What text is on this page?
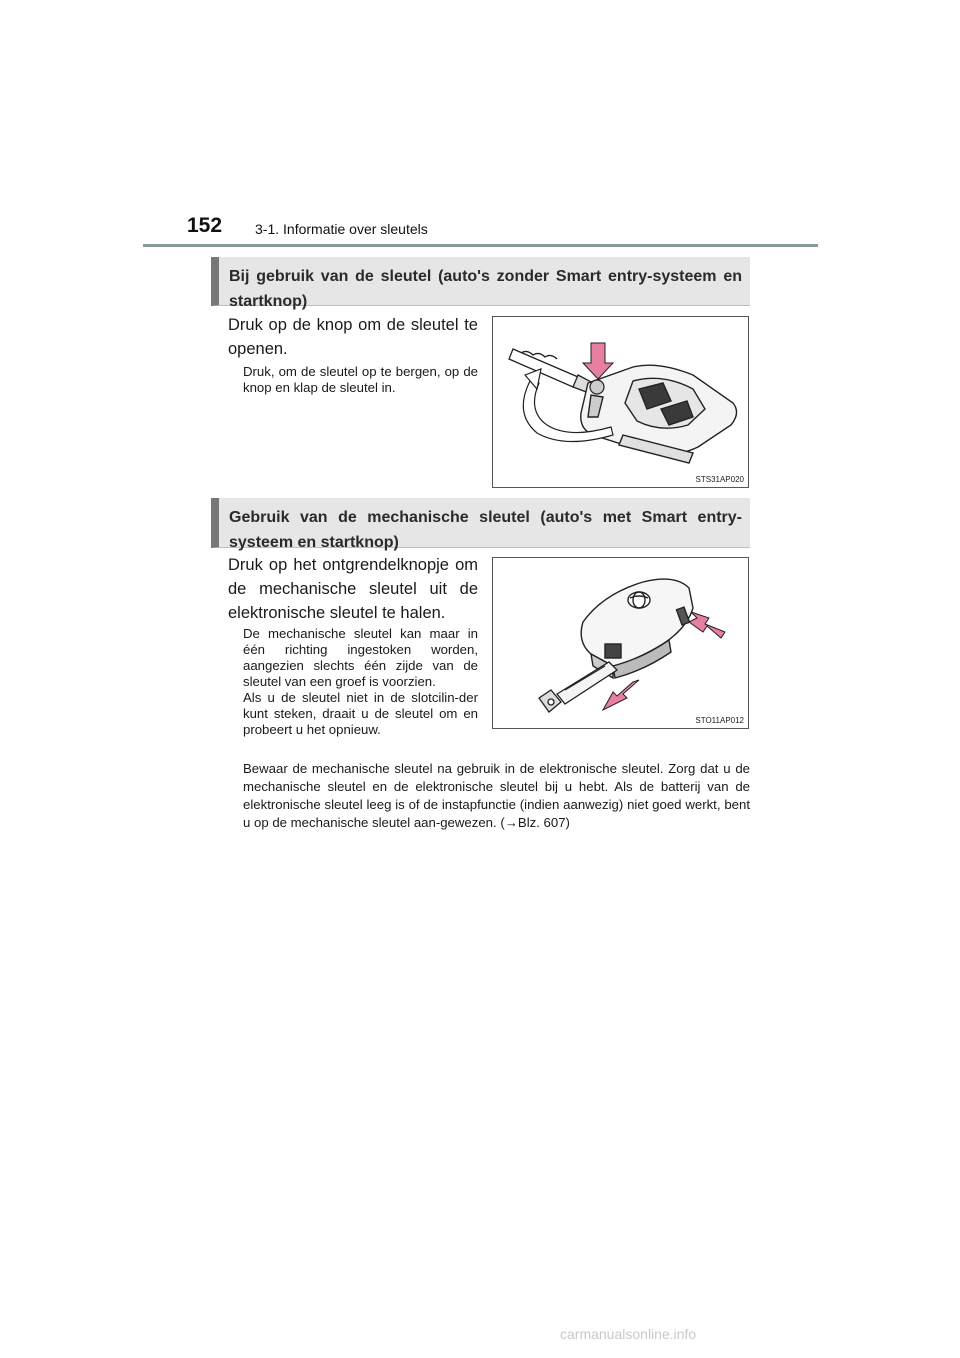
152 3-1. Informatie over sleutels
Bij gebruik van de sleutel (auto's zonder Smart entry-systeem en startknop)
Druk op de knop om de sleutel te openen.
Druk, om de sleutel op te bergen, op de knop en klap de sleutel in.
STS31AP020
Gebruik van de mechanische sleutel (auto's met Smart entry-systeem en startknop)
Druk op het ontgrendelknopje om de mechanische sleutel uit de elektronische sleutel te halen.
De mechanische sleutel kan maar in één richting ingestoken worden, aangezien slechts één zijde van de sleutel van een groef is voorzien.
Als u de sleutel niet in de slotcilin-der kunt steken, draait u de sleutel om en probeert u het opnieuw.
STO11AP012
Bewaar de mechanische sleutel na gebruik in de elektronische sleutel. Zorg dat u de mechanische sleutel en de elektronische sleutel bij u hebt. Als de batterij van de elektronische sleutel leeg is of de instapfunctie (indien aanwezig) niet goed werkt, bent u op de mechanische sleutel aan-gewezen. (→Blz. 607)
carmanualsonline.info
